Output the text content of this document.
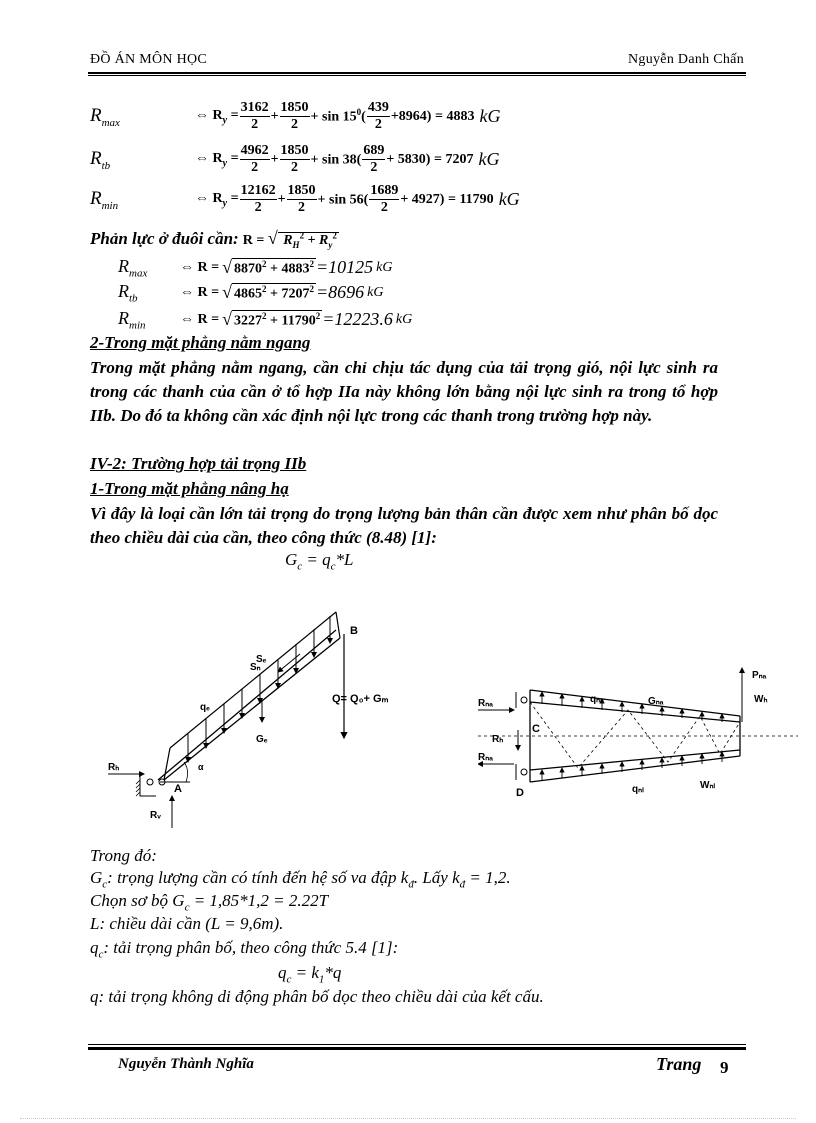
ĐỒ ÁN MÔN HỌC	Nguyễn Danh Chấn
$R_{max}$	⇔ $R_y = \frac{3162}{2} + \frac{1850}{2} + \sin 15^0( \frac{439}{2} +8964) = 4883$ kG
$R_{tb}$	⇔ $R_y = \frac{4962}{2} + \frac{1850}{2} + \sin 38( \frac{689}{2} + 5830) = 7207$ kG
$R_{min}$	⇔ $R_y = \frac{12162}{2} + \frac{1850}{2} + \sin 56( \frac{1689}{2} + 4927) = 11790$ kG
Phản lực ở đuôi cần: R = √ $R_H^2 + R_y^2$
$R_{max}$	⇔ R = √ $8870^2 + 4883^2 =10125$ kG
$R_{tb}$	⇔ R = √ $4865^2 + 7207^2 =8696$ kG
$R_{min}$	⇔ R = √ $3227^2 + 11790^2 =12223.6$ kG
2-Trong mặt phẳng nằm ngang
Trong mặt phẳng nằm ngang, cần chỉ chịu tác dụng của tải trọng gió, nội lực sinh ra trong các thanh của cần ở tổ hợp IIa này không lớn bằng nội lực sinh ra trong tổ hợp IIb. Do đó ta không cần xác định nội lực trong các thanh trong trường hợp này.
IV-2: Trường hợp tải trọng IIb
1-Trong mặt phẳng nâng hạ
Vì đây là loại cần lớn tải trọng do trọng lượng bản thân cần được xem như phân bố dọc theo chiều dài của cần, theo công thức (8.48) [1]:
$G_c = q_c*L$
B
Sₙ
Sₑ
qₑ
Q= Q₀+ Gₘ
Gₑ
Rₕ
A
Rᵥ
α
Pₙₐ
Wₕ
Rₙₐ	qₙₐ	Gₙₐ
C
Rₕ
Rₙₐ
D	qₙₗ	Wₙₗ
Trong đó:
$G_c$: trọng lượng cần có tính đến hệ số va đập $k_đ$. Lấy $k_đ = 1,2$.
Chọn sơ bộ $G_c = 1,85*1,2 = 2.22T$
L: chiều dài cần (L = 9,6m).
$q_c$: tải trọng phân bố, theo công thức 5.4 [1]:
$q_c = k_1*q$
q: tải trọng không di động phân bố dọc theo chiều dài của kết cấu.
Nguyễn Thành Nghĩa	Trang 9
